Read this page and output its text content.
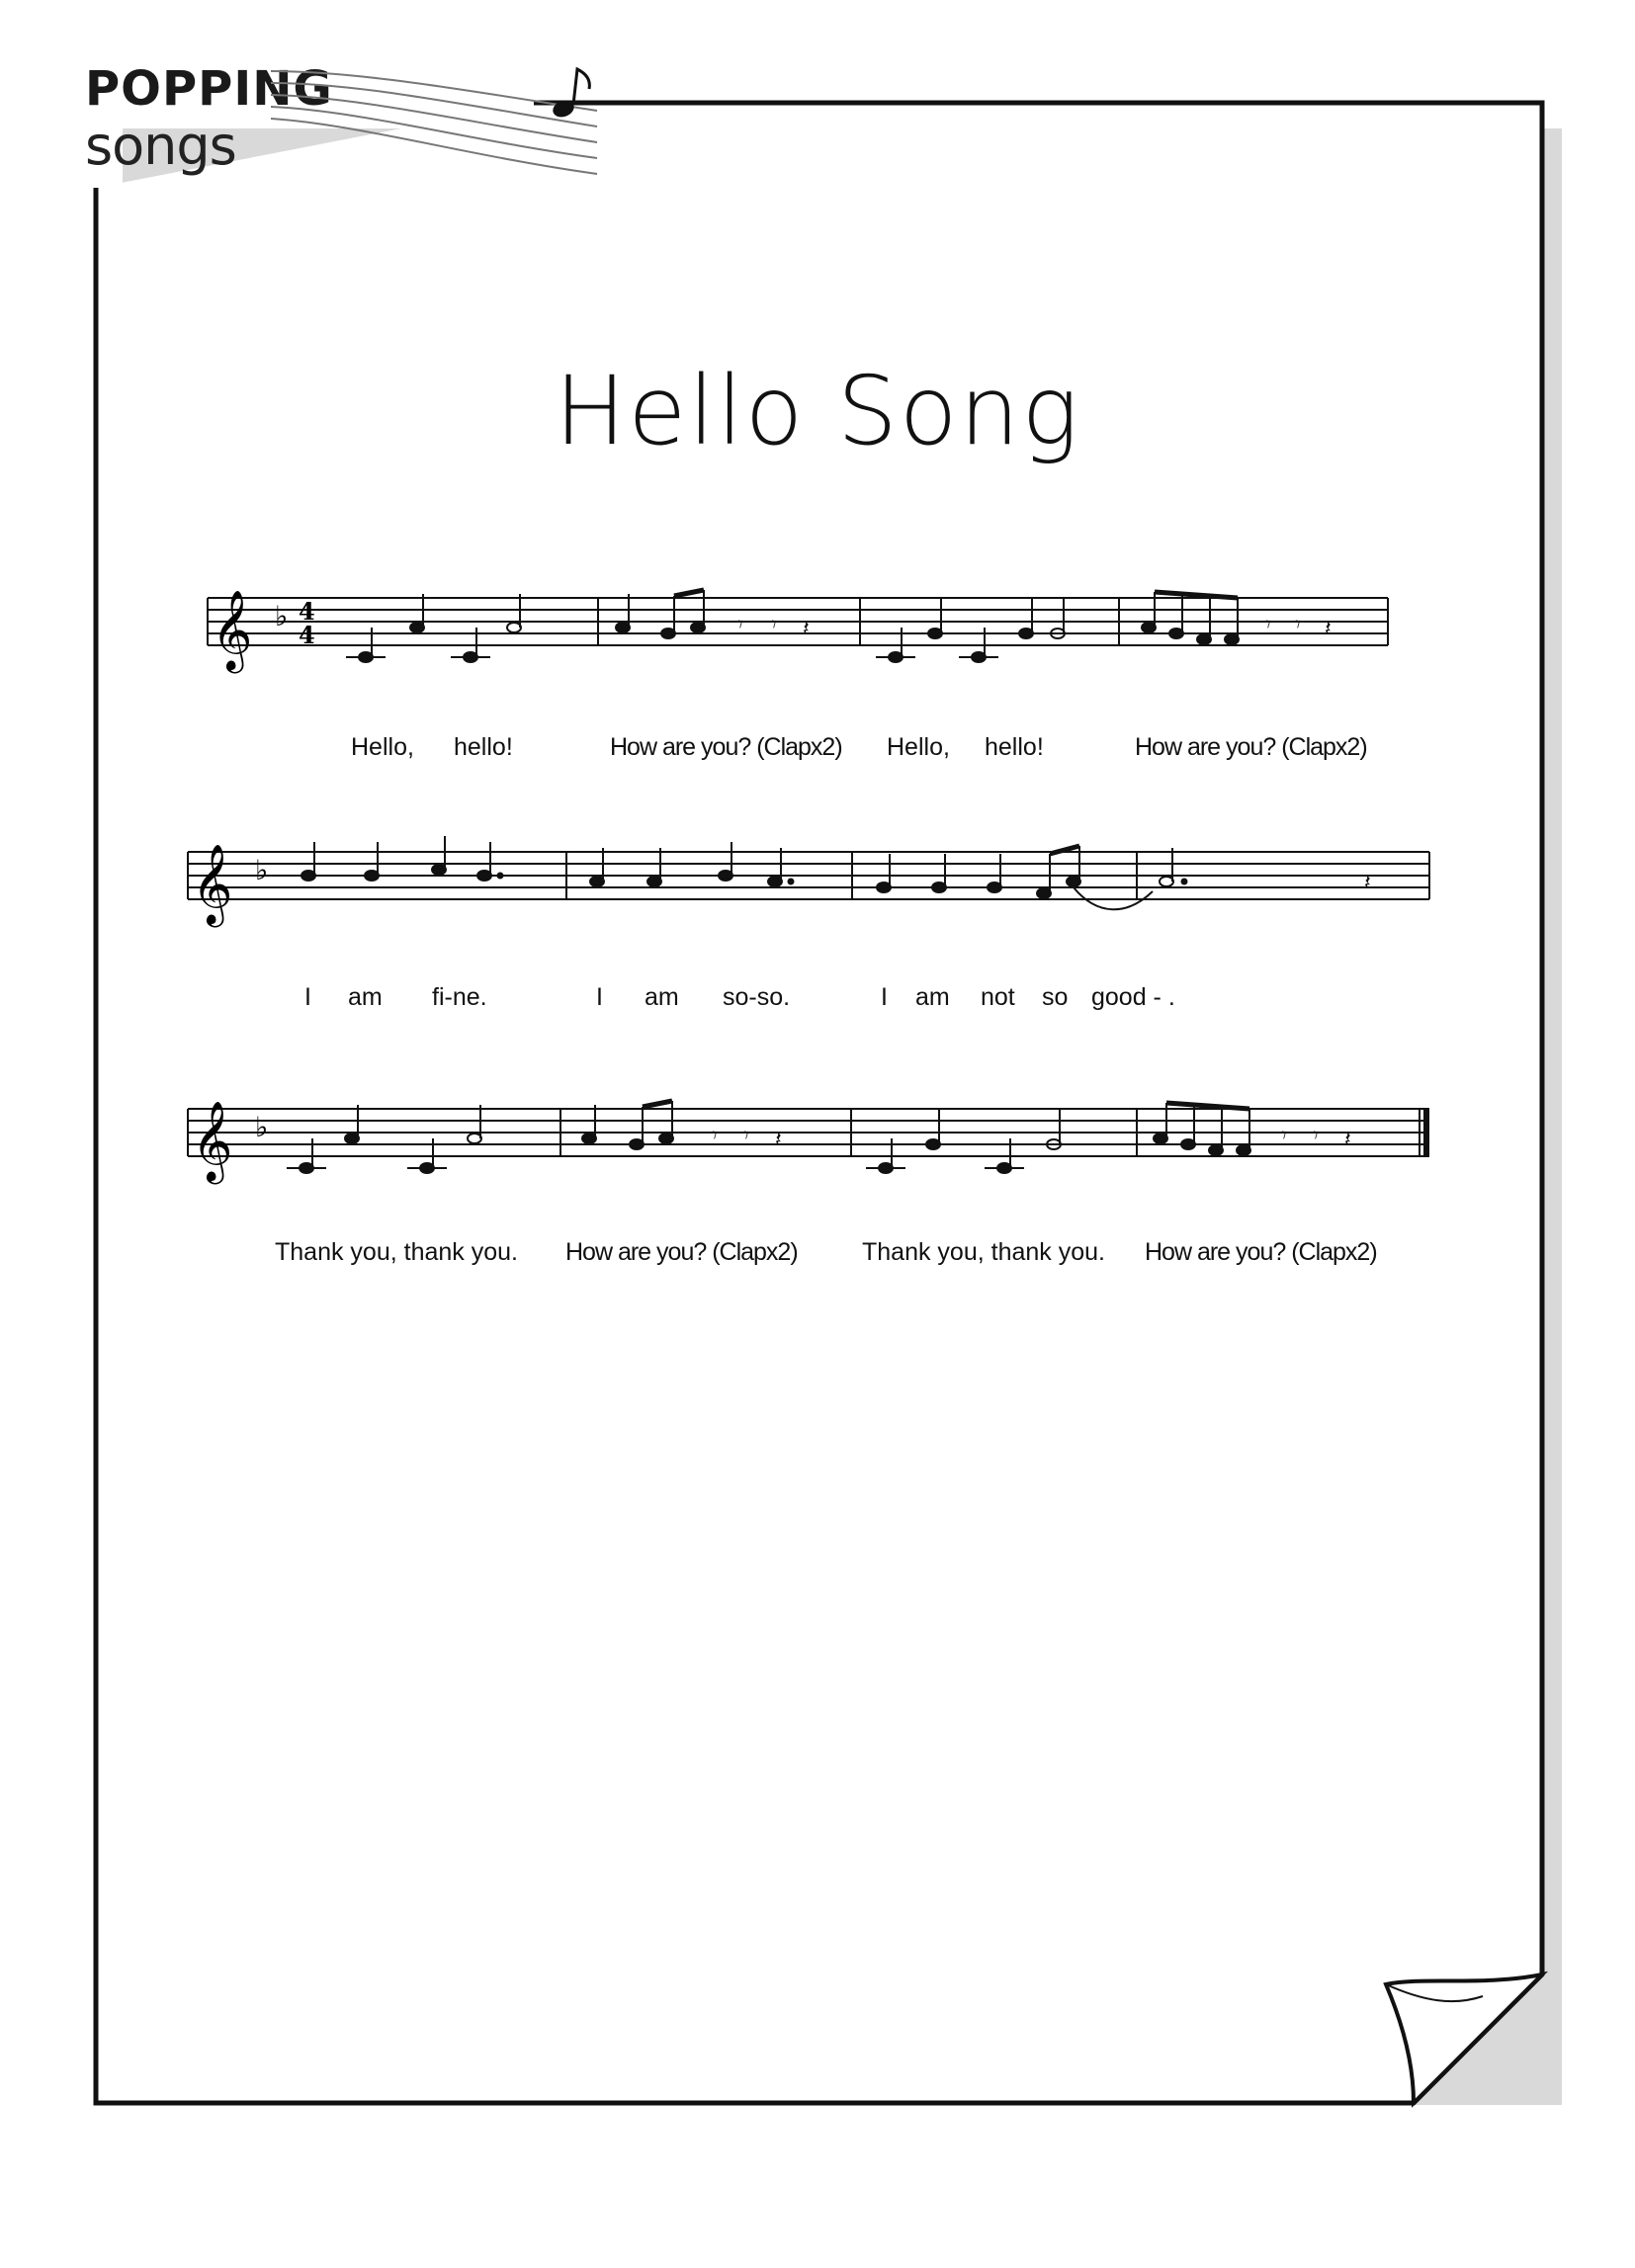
POPPING
songs
Hello Song
𝄞 ♭ 4
4	𝄾 𝄾 𝄽	𝄾 𝄾 𝄽
Hello, hello!	How are you? (Clapx2) Hello, hello!	How are you? (Clapx2)
𝄞 ♭	𝄽
I am fi-ne.	I am so-so.	I am not so good - .
𝄞 ♭	𝄾 𝄾 𝄽	𝄾 𝄾 𝄽
Thank you, thank you. How are you? (Clapx2)	Thank you, thank you. How are you? (Clapx2)
